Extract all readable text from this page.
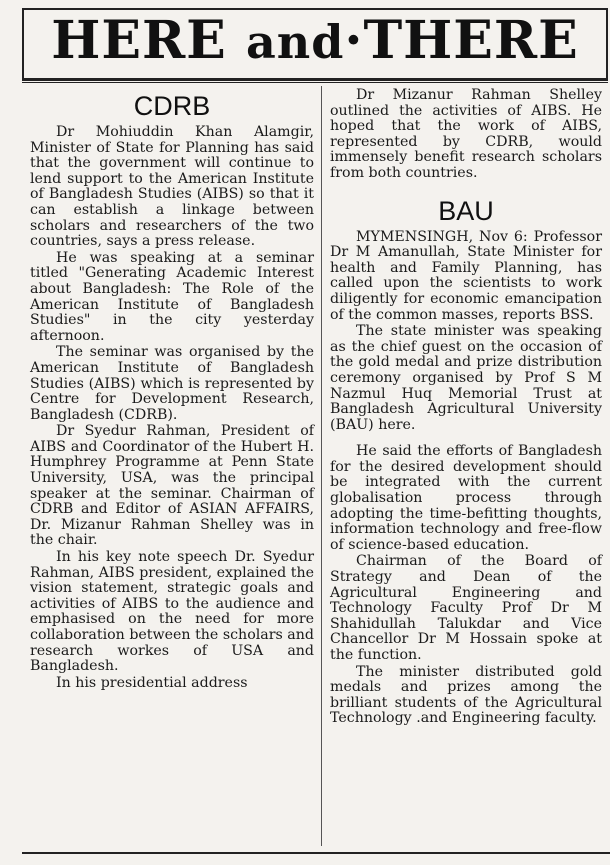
HERE and·THERE
CDRB

Dr Mohiuddin Khan Alamgir, Minister of State for Planning has said that the government will continue to lend support to the American Institute of Bangladesh Studies (AIBS) so that it can establish a linkage between scholars and researchers of the two countries, says a press release.

He was speaking at a seminar titled "Generating Academic Interest about Bangladesh: The Role of the American Institute of Bangladesh Studies" in the city yesterday afternoon.

The seminar was organised by the American Institute of Bangladesh Studies (AIBS) which is represented by Centre for Development Research, Bangladesh (CDRB).

Dr Syedur Rahman, President of AIBS and Coordinator of the Hubert H. Humphrey Programme at Penn State University, USA, was the principal speaker at the seminar. Chairman of CDRB and Editor of ASIAN AFFAIRS, Dr. Mizanur Rahman Shelley was in the chair.

In his key note speech Dr. Syedur Rahman, AIBS president, explained the vision statement, strategic goals and activities of AIBS to the audience and emphasised on the need for more collaboration between the scholars and research workes of USA and Bangladesh.

In his presidential address

Dr Mizanur Rahman Shelley outlined the activities of AIBS. He hoped that the work of AIBS, represented by CDRB, would immensely benefit research scholars from both countries.

BAU

MYMENSINGH, Nov 6: Professor Dr M Amanullah, State Minister for health and Family Planning, has called upon the scientists to work diligently for economic emancipation of the common masses, reports BSS.

The state minister was speaking as the chief guest on the occasion of the gold medal and prize distribution ceremony organised by Prof S M Nazmul Huq Memorial Trust at Bangladesh Agricultural University (BAU) here.

He said the efforts of Bangladesh for the desired development should be integrated with the current globalisation process through adopting the time-befitting thoughts, information technology and free-flow of science-based education.

Chairman of the Board of Strategy and Dean of the Agricultural Engineering and Technology Faculty Prof Dr M Shahidullah Talukdar and Vice Chancellor Dr M Hossain spoke at the function.

The minister distributed gold medals and prizes among the brilliant students of the Agricultural Technology .and Engineering faculty.
